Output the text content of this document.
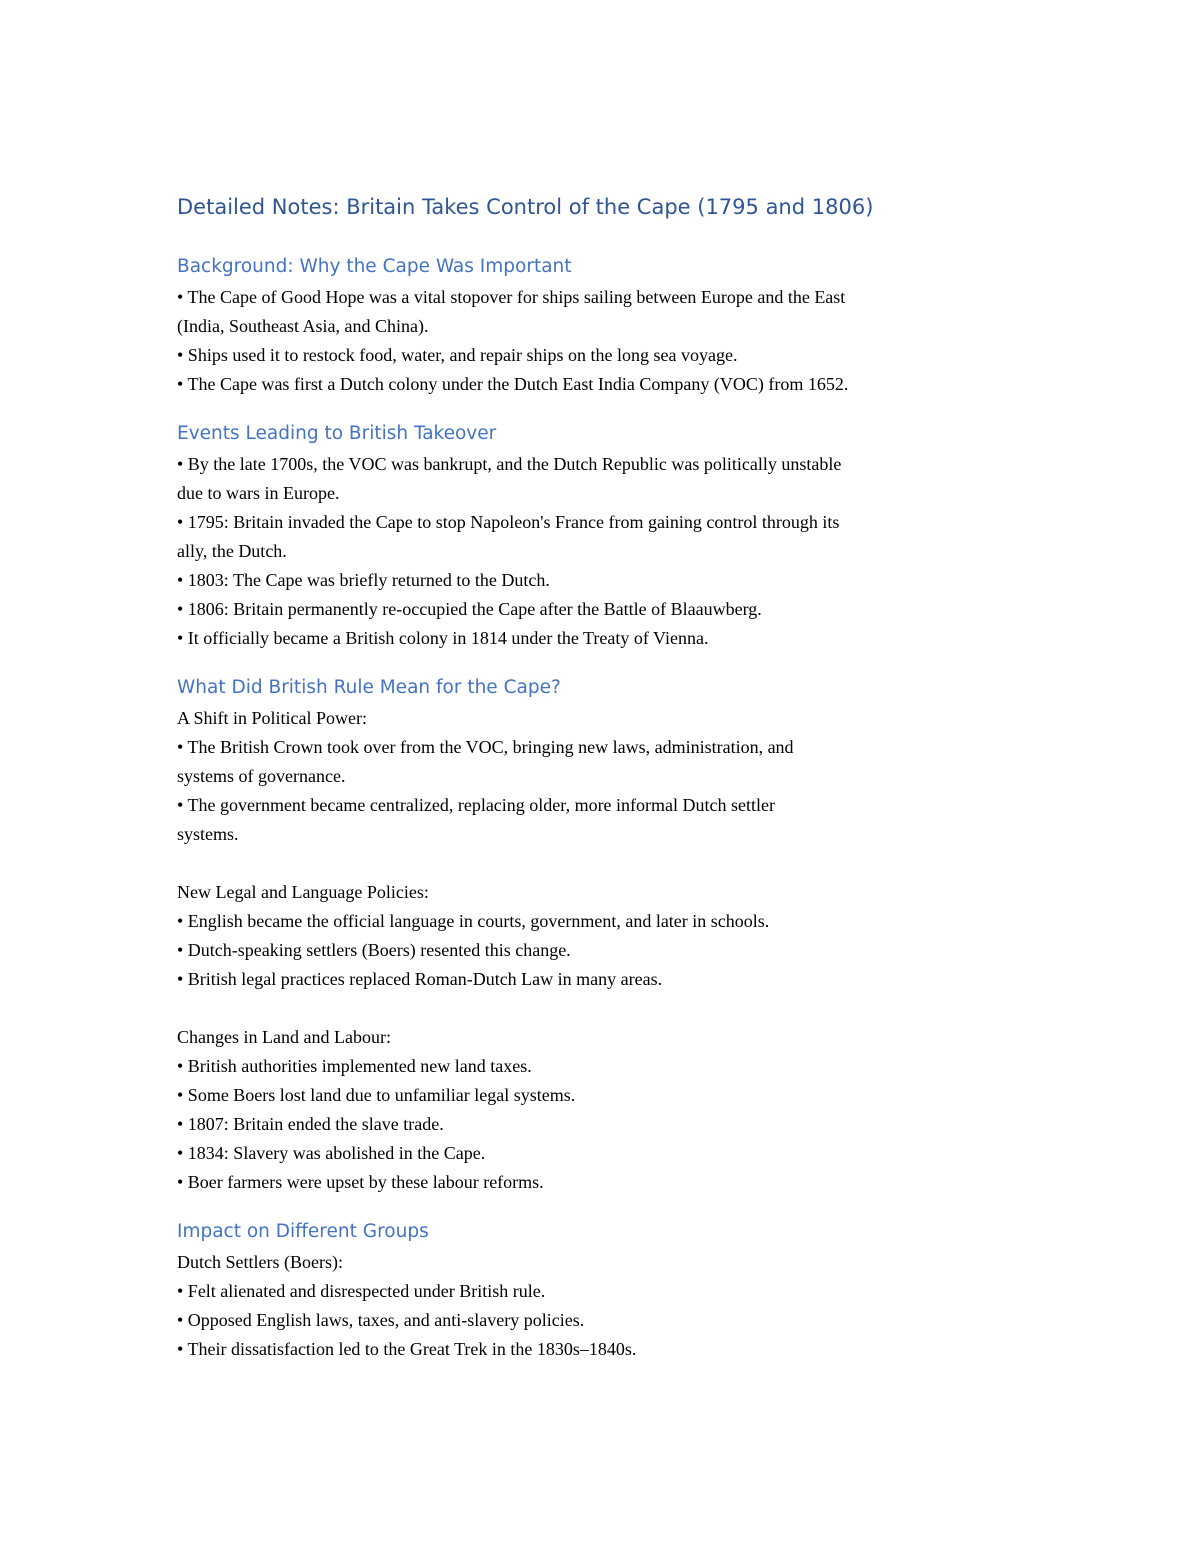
Detailed Notes: Britain Takes Control of the Cape (1795 and 1806)
Background: Why the Cape Was Important

• The Cape of Good Hope was a vital stopover for ships sailing between Europe and the East

(India, Southeast Asia, and China).

• Ships used it to restock food, water, and repair ships on the long sea voyage.

• The Cape was first a Dutch colony under the Dutch East India Company (VOC) from 1652.

Events Leading to British Takeover

• By the late 1700s, the VOC was bankrupt, and the Dutch Republic was politically unstable

due to wars in Europe.

• 1795: Britain invaded the Cape to stop Napoleon's France from gaining control through its

ally, the Dutch.

• 1803: The Cape was briefly returned to the Dutch.

• 1806: Britain permanently re-occupied the Cape after the Battle of Blaauwberg.

• It officially became a British colony in 1814 under the Treaty of Vienna.

What Did British Rule Mean for the Cape?

A Shift in Political Power:

• The British Crown took over from the VOC, bringing new laws, administration, and

systems of governance.

• The government became centralized, replacing older, more informal Dutch settler

systems.

New Legal and Language Policies:

• English became the official language in courts, government, and later in schools.

• Dutch-speaking settlers (Boers) resented this change.

• British legal practices replaced Roman-Dutch Law in many areas.

Changes in Land and Labour:

• British authorities implemented new land taxes.

• Some Boers lost land due to unfamiliar legal systems.

• 1807: Britain ended the slave trade.

• 1834: Slavery was abolished in the Cape.

• Boer farmers were upset by these labour reforms.

Impact on Different Groups

Dutch Settlers (Boers):

• Felt alienated and disrespected under British rule.

• Opposed English laws, taxes, and anti-slavery policies.

• Their dissatisfaction led to the Great Trek in the 1830s–1840s.
